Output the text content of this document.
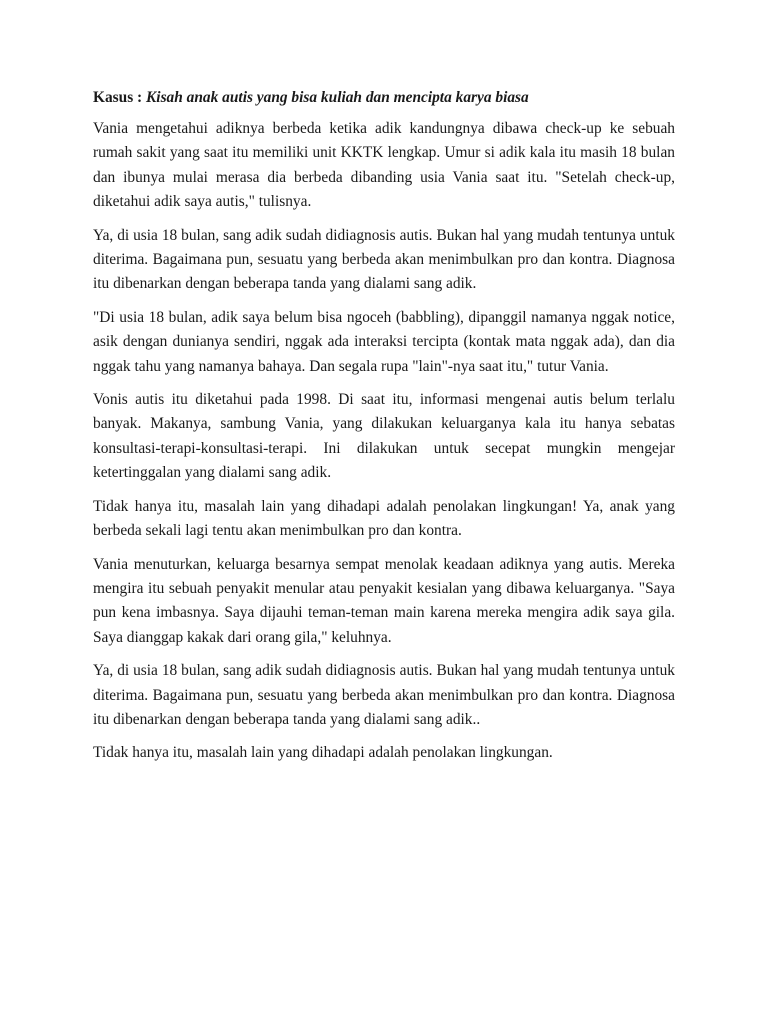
Kasus : Kisah anak autis yang bisa kuliah dan mencipta karya biasa

Vania mengetahui adiknya berbeda ketika adik kandungnya dibawa check-up ke sebuah rumah sakit yang saat itu memiliki unit KKTK lengkap. Umur si adik kala itu masih 18 bulan dan ibunya mulai merasa dia berbeda dibanding usia Vania saat itu. "Setelah check-up, diketahui adik saya autis," tulisnya.

Ya, di usia 18 bulan, sang adik sudah didiagnosis autis. Bukan hal yang mudah tentunya untuk diterima. Bagaimana pun, sesuatu yang berbeda akan menimbulkan pro dan kontra. Diagnosa itu dibenarkan dengan beberapa tanda yang dialami sang adik.

"Di usia 18 bulan, adik saya belum bisa ngoceh (babbling), dipanggil namanya nggak notice, asik dengan dunianya sendiri, nggak ada interaksi tercipta (kontak mata nggak ada), dan dia nggak tahu yang namanya bahaya. Dan segala rupa "lain"-nya saat itu," tutur Vania.

Vonis autis itu diketahui pada 1998. Di saat itu, informasi mengenai autis belum terlalu banyak. Makanya, sambung Vania, yang dilakukan keluarganya kala itu hanya sebatas konsultasi-terapi-konsultasi-terapi. Ini dilakukan untuk secepat mungkin mengejar ketertinggalan yang dialami sang adik.

Tidak hanya itu, masalah lain yang dihadapi adalah penolakan lingkungan! Ya, anak yang berbeda sekali lagi tentu akan menimbulkan pro dan kontra.

Vania menuturkan, keluarga besarnya sempat menolak keadaan adiknya yang autis. Mereka mengira itu sebuah penyakit menular atau penyakit kesialan yang dibawa keluarganya. "Saya pun kena imbasnya. Saya dijauhi teman-teman main karena mereka mengira adik saya gila. Saya dianggap kakak dari orang gila," keluhnya.

Ya, di usia 18 bulan, sang adik sudah didiagnosis autis. Bukan hal yang mudah tentunya untuk diterima. Bagaimana pun, sesuatu yang berbeda akan menimbulkan pro dan kontra. Diagnosa itu dibenarkan dengan beberapa tanda yang dialami sang adik..

Tidak hanya itu, masalah lain yang dihadapi adalah penolakan lingkungan.
